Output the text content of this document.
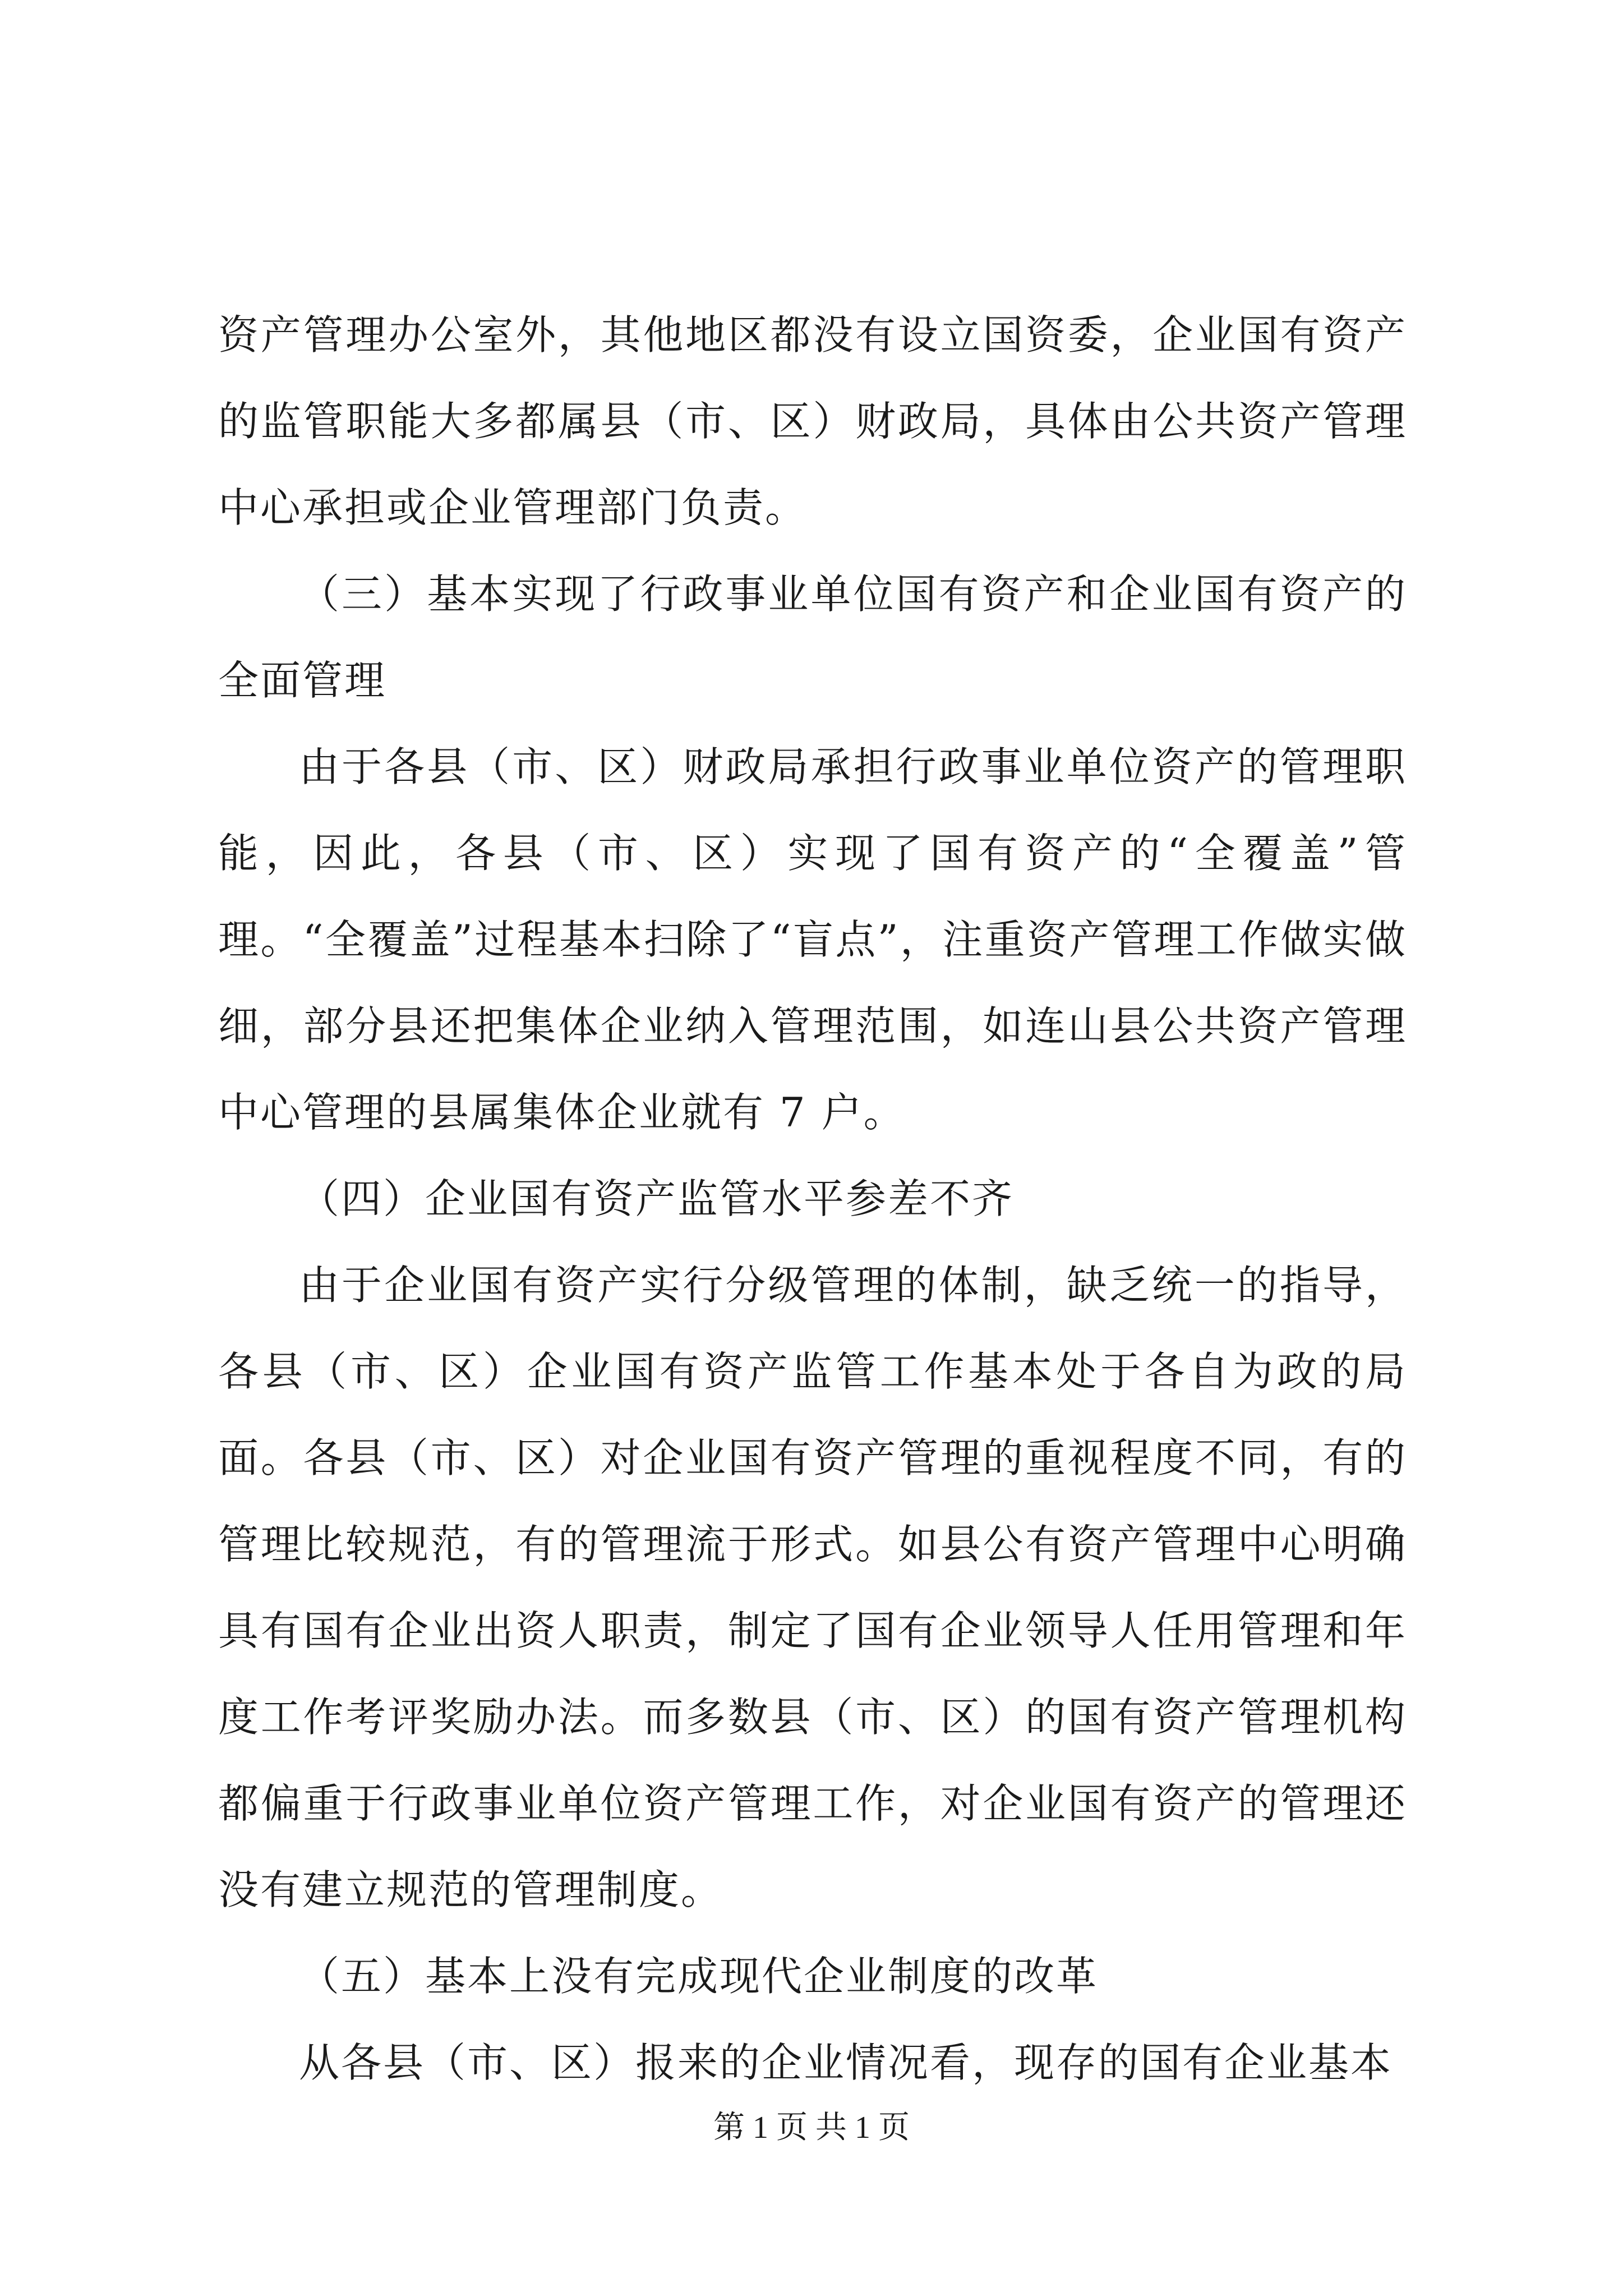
资产管理办公室外，其他地区都没有设立国资委，企业国有资产的监管职能大多都属县（市、区）财政局，具体由公共资产管理中心承担或企业管理部门负责。

（三）基本实现了行政事业单位国有资产和企业国有资产的全面管理

由于各县（市、区）财政局承担行政事业单位资产的管理职能，因此，各县（市、区）实现了国有资产的“全覆盖”管理。“全覆盖”过程基本扫除了“盲点”，注重资产管理工作做实做细，部分县还把集体企业纳入管理范围，如连山县公共资产管理中心管理的县属集体企业就有 7 户。

（四）企业国有资产监管水平参差不齐

由于企业国有资产实行分级管理的体制，缺乏统一的指导，各县（市、区）企业国有资产监管工作基本处于各自为政的局面。各县（市、区）对企业国有资产管理的重视程度不同，有的管理比较规范，有的管理流于形式。如县公有资产管理中心明确具有国有企业出资人职责，制定了国有企业领导人任用管理和年度工作考评奖励办法。而多数县（市、区）的国有资产管理机构都偏重于行政事业单位资产管理工作，对企业国有资产的管理还没有建立规范的管理制度。

（五）基本上没有完成现代企业制度的改革

从各县（市、区）报来的企业情况看，现存的国有企业基本

第 1 页 共 1 页
